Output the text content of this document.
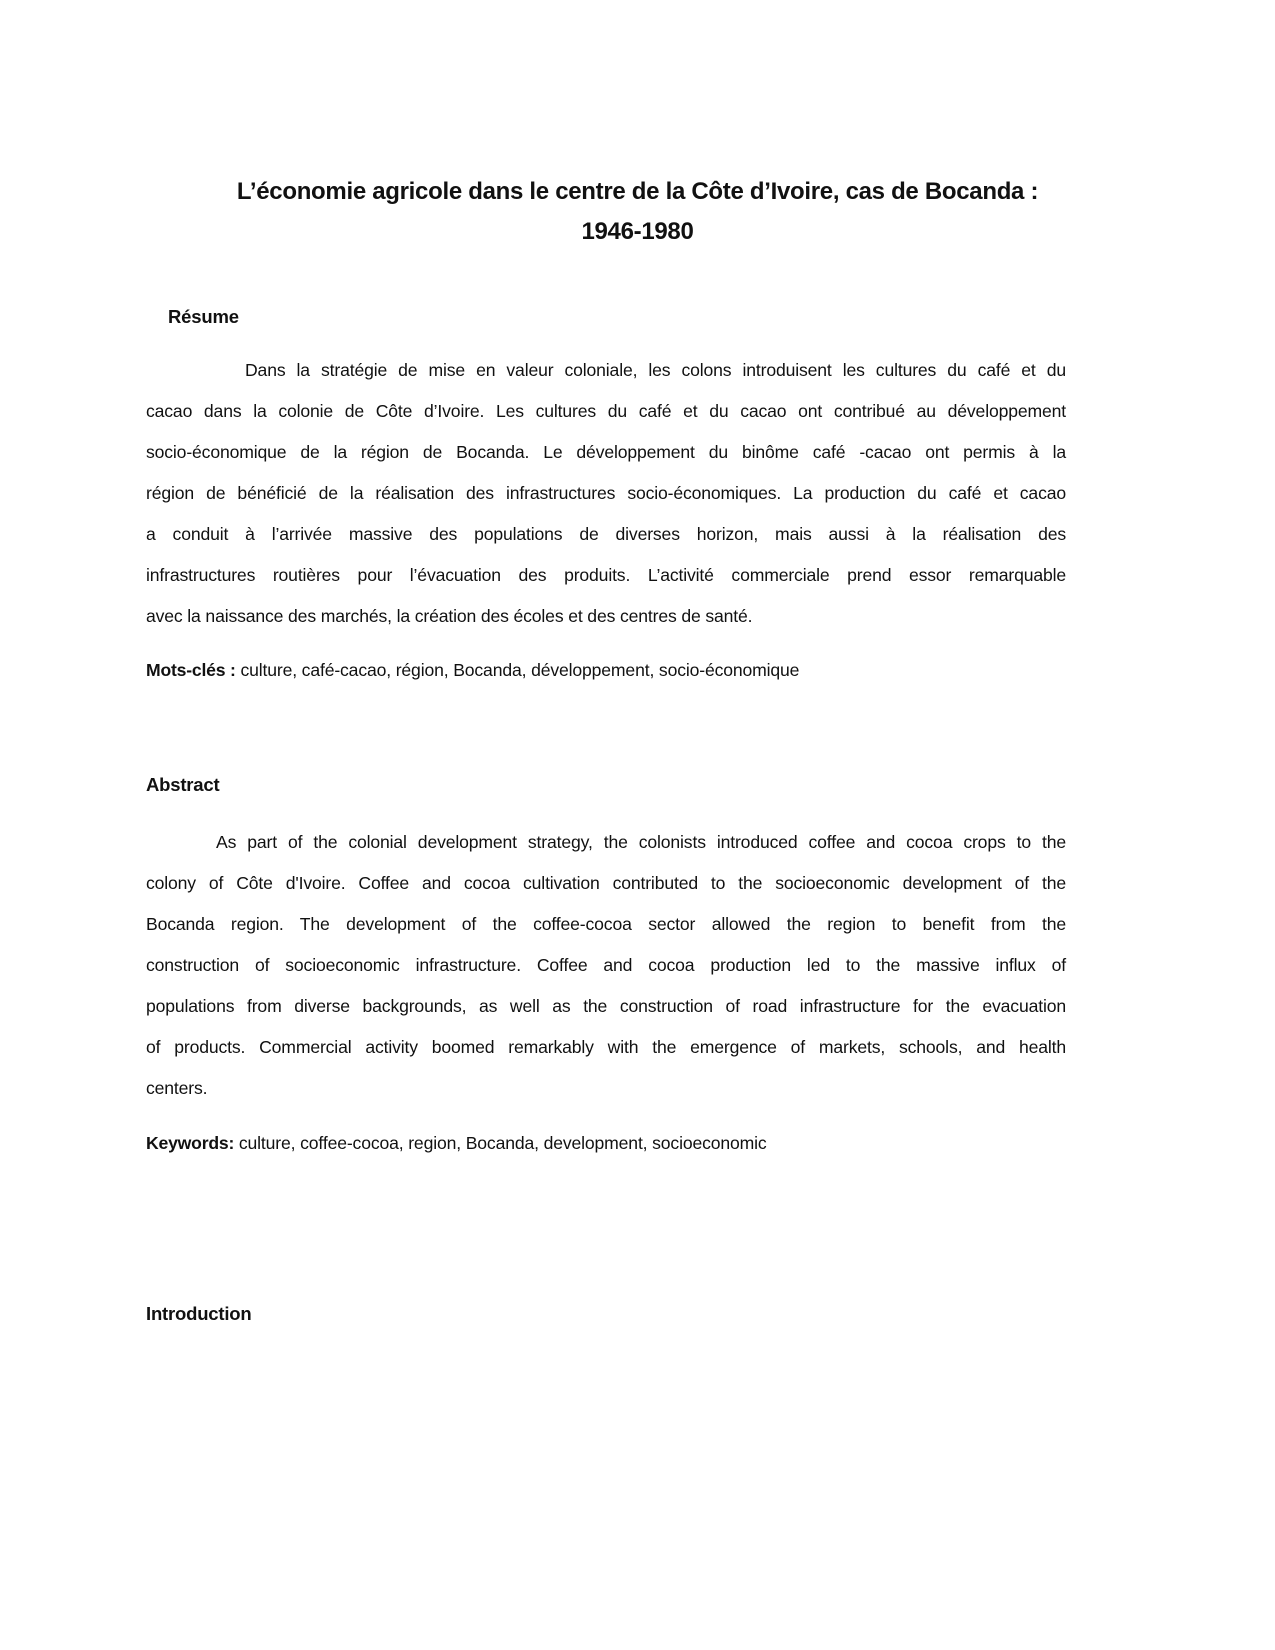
L’économie agricole dans le centre de la Côte d’Ivoire, cas de Bocanda :
1946-1980
Résume
Dans la stratégie de mise en valeur coloniale, les colons introduisent les cultures du café et du
cacao dans la colonie de Côte d’Ivoire. Les cultures du café et du cacao ont contribué au développement
socio-économique de la région de Bocanda. Le développement du binôme café -cacao ont permis à la
région de bénéficié de la réalisation des infrastructures socio-économiques. La production du café et cacao
a conduit à l’arrivée massive des populations de diverses horizon, mais aussi à la réalisation des
infrastructures routières pour l’évacuation des produits. L’activité commerciale prend essor remarquable
avec la naissance des marchés, la création des écoles et des centres de santé.
Mots-clés : culture, café-cacao, région, Bocanda, développement, socio-économique
Abstract
As part of the colonial development strategy, the colonists introduced coffee and cocoa crops to the
colony of Côte d'Ivoire. Coffee and cocoa cultivation contributed to the socioeconomic development of the
Bocanda region. The development of the coffee-cocoa sector allowed the region to benefit from the
construction of socioeconomic infrastructure. Coffee and cocoa production led to the massive influx of
populations from diverse backgrounds, as well as the construction of road infrastructure for the evacuation
of products. Commercial activity boomed remarkably with the emergence of markets, schools, and health
centers.
Keywords: culture, coffee-cocoa, region, Bocanda, development, socioeconomic
Introduction
